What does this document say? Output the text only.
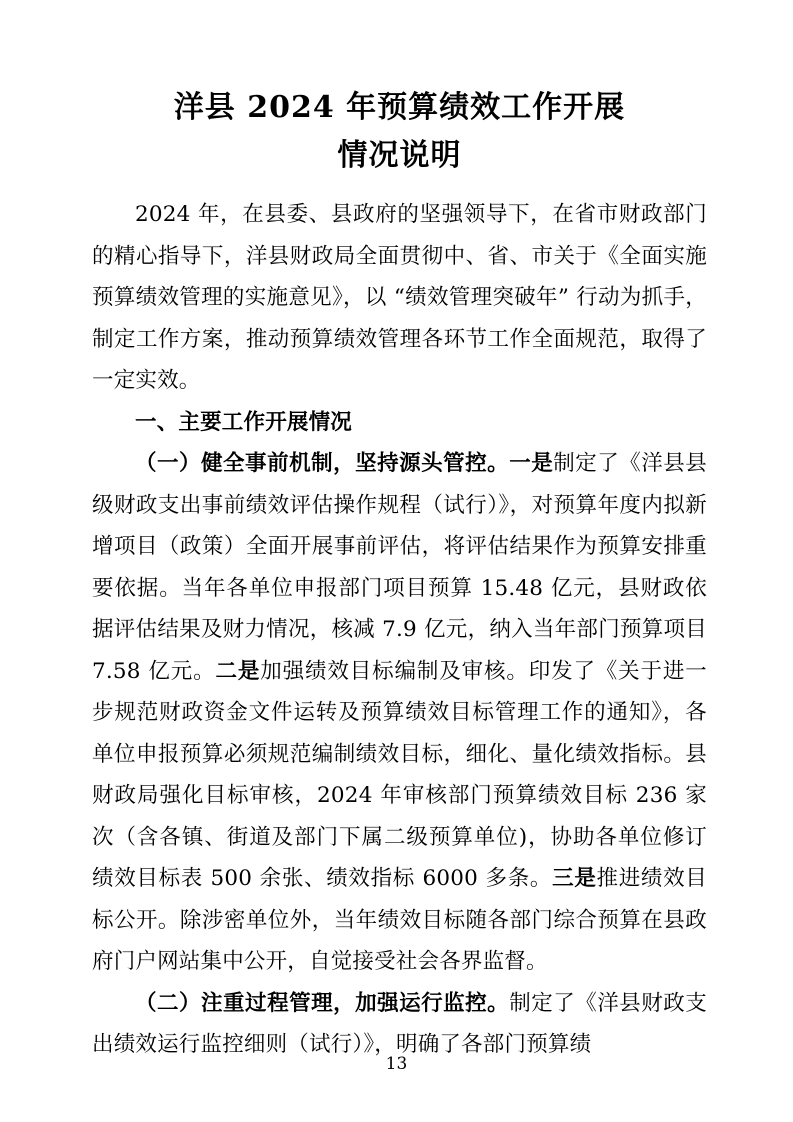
洋县 2024 年预算绩效工作开展
情况说明

2024 年，在县委、县政府的坚强领导下，在省市财政部门的精心指导下，洋县财政局全面贯彻中、省、市关于《全面实施预算绩效管理的实施意见》，以 “绩效管理突破年” 行动为抓手，制定工作方案，推动预算绩效管理各环节工作全面规范，取得了一定实效。

一、主要工作开展情况

（一）健全事前机制，坚持源头管控。一是制定了《洋县县级财政支出事前绩效评估操作规程（试行）》，对预算年度内拟新增项目（政策）全面开展事前评估，将评估结果作为预算安排重要依据。当年各单位申报部门项目预算 15.48 亿元，县财政依据评估结果及财力情况，核减 7.9 亿元，纳入当年部门预算项目 7.58 亿元。二是加强绩效目标编制及审核。印发了《关于进一步规范财政资金文件运转及预算绩效目标管理工作的通知》，各单位申报预算必须规范编制绩效目标，细化、量化绩效指标。县财政局强化目标审核，2024 年审核部门预算绩效目标 236 家次（含各镇、街道及部门下属二级预算单位)，协助各单位修订绩效目标表 500 余张、绩效指标 6000 多条。三是推进绩效目标公开。除涉密单位外，当年绩效目标随各部门综合预算在县政府门户网站集中公开，自觉接受社会各界监督。

（二）注重过程管理，加强运行监控。制定了《洋县财政支出绩效运行监控细则（试行）》，明确了各部门预算绩

13
